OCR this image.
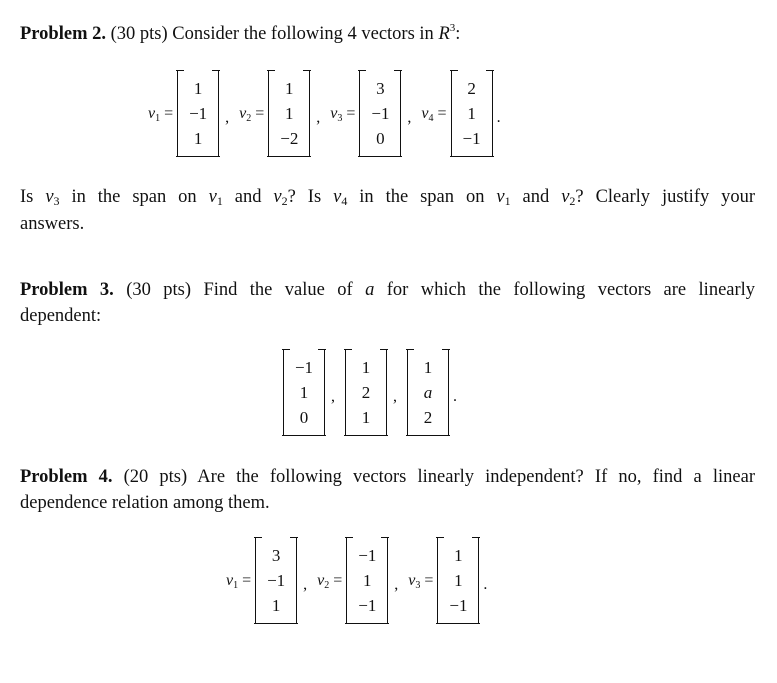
Problem 2. (30 pts) Consider the following 4 vectors in $R^3$:
$v_1$ =
1
−1
1
, $v_2$ =
1
1
−2
, $v_3$ =
3
−1
0
, $v_4$ =
2
1
−1
.
Is $v_3$ in the span on $v_1$ and $v_2$? Is $v_4$ in the span on $v_1$ and $v_2$? Clearly justify your
answers.
Problem 3. (30 pts) Find the value of a for which the following vectors are linearly
dependent:
−1
1
0
,
1
2
1
,
1
a
2
.
Problem 4. (20 pts) Are the following vectors linearly independent? If no, find a linear
dependence relation among them.
$v_1$ =
3
−1
1
, $v_2$ =
−1
1
−1
, $v_3$ =
1
1
−1
.
